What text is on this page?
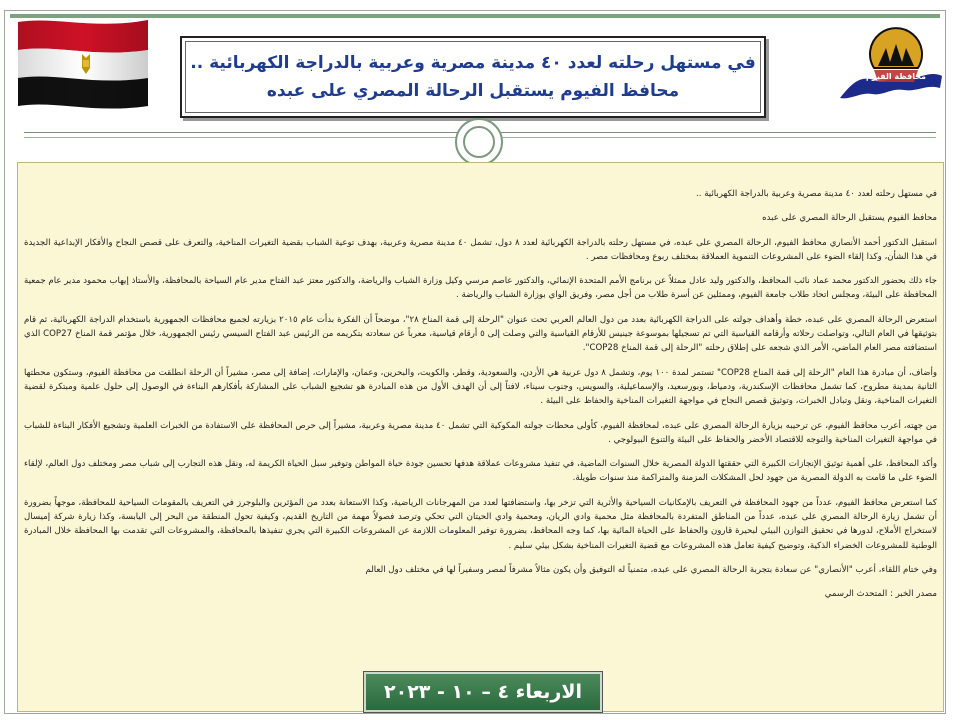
محافظة الفيوم
في مستهل رحلته لعدد ٤٠ مدينة مصرية وعربية بالدراجة الكهربائية ..
محافظ الفيوم يستقبل الرحالة المصري على عبده

في مستهل رحلته لعدد ٤٠ مدينة مصرية وعربية بالدراجة الكهربائية ..

محافظ الفيوم يستقبل الرحالة المصري على عبده

استقبل الدكتور أحمد الأنصاري محافظ الفيوم، الرحالة المصري على عبده، في مستهل رحلته بالدراجة الكهربائية لعدد ٨ دول، تشمل ٤٠ مدينة مصرية وعربية، بهدف توعية الشباب بقضية التغيرات المناخية، والتعرف على قصص النجاح والأفكار الإبداعية الجديدة في هذا الشأن، وكذا إلقاء الضوء على المشروعات التنموية العملاقة بمختلف ربوع ومحافظات مصر .

جاء ذلك بحضور الدكتور محمد عماد نائب المحافظ، والدكتور وليد عادل ممثلاً عن برنامج الأمم المتحدة الإنمائي، والدكتور عاصم مرسي وكيل وزارة الشباب والرياضة، والدكتور معتز عبد الفتاح مدير عام السياحة بالمحافظة، والأستاذ إيهاب محمود مدير عام جمعية المحافظة على البيئة، ومجلس اتحاد طلاب جامعة الفيوم، وممثلين عن أسرة طلاب من أجل مصر، وفريق الواي بوزارة الشباب والرياضة .

استعرض الرحالة المصري على عبده، خطة وأهداف جولته على الدراجة الكهربائية بعدد من دول العالم العربي تحت عنوان "الرحلة إلى قمة المناخ ٢٨"، موضحاً أن الفكرة بدأت عام ٢٠١٥ بزيارته لجميع محافظات الجمهورية باستخدام الدراجة الكهربائية، ثم قام بتوثيقها في العام التالي، وتواصلت رحلاته وأرقامه القياسية التي تم تسجيلها بموسوعة جينيس للأرقام القياسية والتي وصلت إلى ٥ أرقام قياسية، معرباً عن سعادته بتكريمه من الرئيس عبد الفتاح السيسي رئيس الجمهورية، خلال مؤتمر قمة المناخ COP27 الذي استضافته مصر العام الماضي، الأمر الذي شجعه على إطلاق رحلته "الرحلة إلى قمة المناخ COP28".

وأضاف، أن مبادرة هذا العام "الرحلة إلى قمة المناخ COP28" تستمر لمدة ١٠٠ يوم، وتشمل ٨ دول عربية هي الأردن، والسعودية، وقطر، والكويت، والبحرين، وعمان، والإمارات، إضافة إلى مصر، مشيراً أن الرحلة انطلقت من محافظة الفيوم، وستكون محطتها الثانية بمدينة مطروح، كما تشمل محافظات الإسكندرية، ودمياط، وبورسعيد، والإسماعيلية، والسويس، وجنوب سيناء، لافتاً إلى أن الهدف الأول من هذه المبادرة هو تشجيع الشباب على المشاركة بأفكارهم البناءة في الوصول إلى حلول علمية ومبتكرة لقضية التغيرات المناخية، ونقل وتبادل الخبرات، وتوثيق قصص النجاح في مواجهة التغيرات المناخية والحفاظ على البيئة .

من جهته، أعرب محافظ الفيوم، عن ترحيبه بزيارة الرحالة المصري على عبده، لمحافظة الفيوم، كأولى محطات جولته المكوكية التي تشمل ٤٠ مدينة مصرية وعربية، مشيراً إلى حرص المحافظة على الاستفادة من الخبرات العلمية وتشجيع الأفكار البناءة للشباب في مواجهة التغيرات المناخية والتوجه للاقتصاد الأخضر والحفاظ على البيئة والتنوع البيولوجي .

وأكد المحافظ، على أهمية توثيق الإنجازات الكبيرة التي حققتها الدولة المصرية خلال السنوات الماضية، في تنفيذ مشروعات عملاقة هدفها تحسين جودة حياة المواطن وتوفير سبل الحياة الكريمة له، ونقل هذه التجارب إلى شباب مصر ومختلف دول العالم، لإلقاء الضوء على ما قامت به الدولة المصرية من جهود لحل المشكلات المزمنة والمتراكمة منذ سنوات طويلة.

كما استعرض محافظ الفيوم، عدداً من جهود المحافظة في التعريف بالإمكانيات السياحية والأثرية التي تزخر بها، واستضافتها لعدد من المهرجانات الرياضية، وكذا الاستعانة بعدد من المؤثرين والبلوجرز في التعريف بالمقومات السياحية للمحافظة، موجهاً بضرورة أن تشمل زيارة الرحالة المصري على عبده، عدداً من المناطق المتفردة بالمحافظة مثل محمية وادي الريان، ومحمية وادي الحيتان التي تحكي وترصد فصولاً مهمة من التاريخ القديم، وكيفية تحول المنطقة من البحر إلى اليابسة، وكذا زيارة شركة إميسال لاستخراج الأملاح، لدورها في تحقيق التوازن البيئي لبحيرة قارون والحفاظ على الحياة المائية بها، كما وجه المحافظ، بضرورة توفير المعلومات اللازمة عن المشروعات الكبيرة التي يجري تنفيذها بالمحافظة، والمشروعات التي تقدمت بها المحافظة خلال المبادرة الوطنية للمشروعات الخضراء الذكية، وتوضيح كيفية تعامل هذه المشروعات مع قضية التغيرات المناخية بشكل بيئي سليم .

وفي ختام اللقاء، أعرب "الأنصاري" عن سعادة بتجربة الرحالة المصري على عبده، متمنياً له التوفيق وأن يكون مثالاً مشرفاً لمصر وسفيراً لها في مختلف دول العالم

مصدر الخبر : المتحدث الرسمي

الاربعاء ٤ – ١٠ - ٢٠٢٣
